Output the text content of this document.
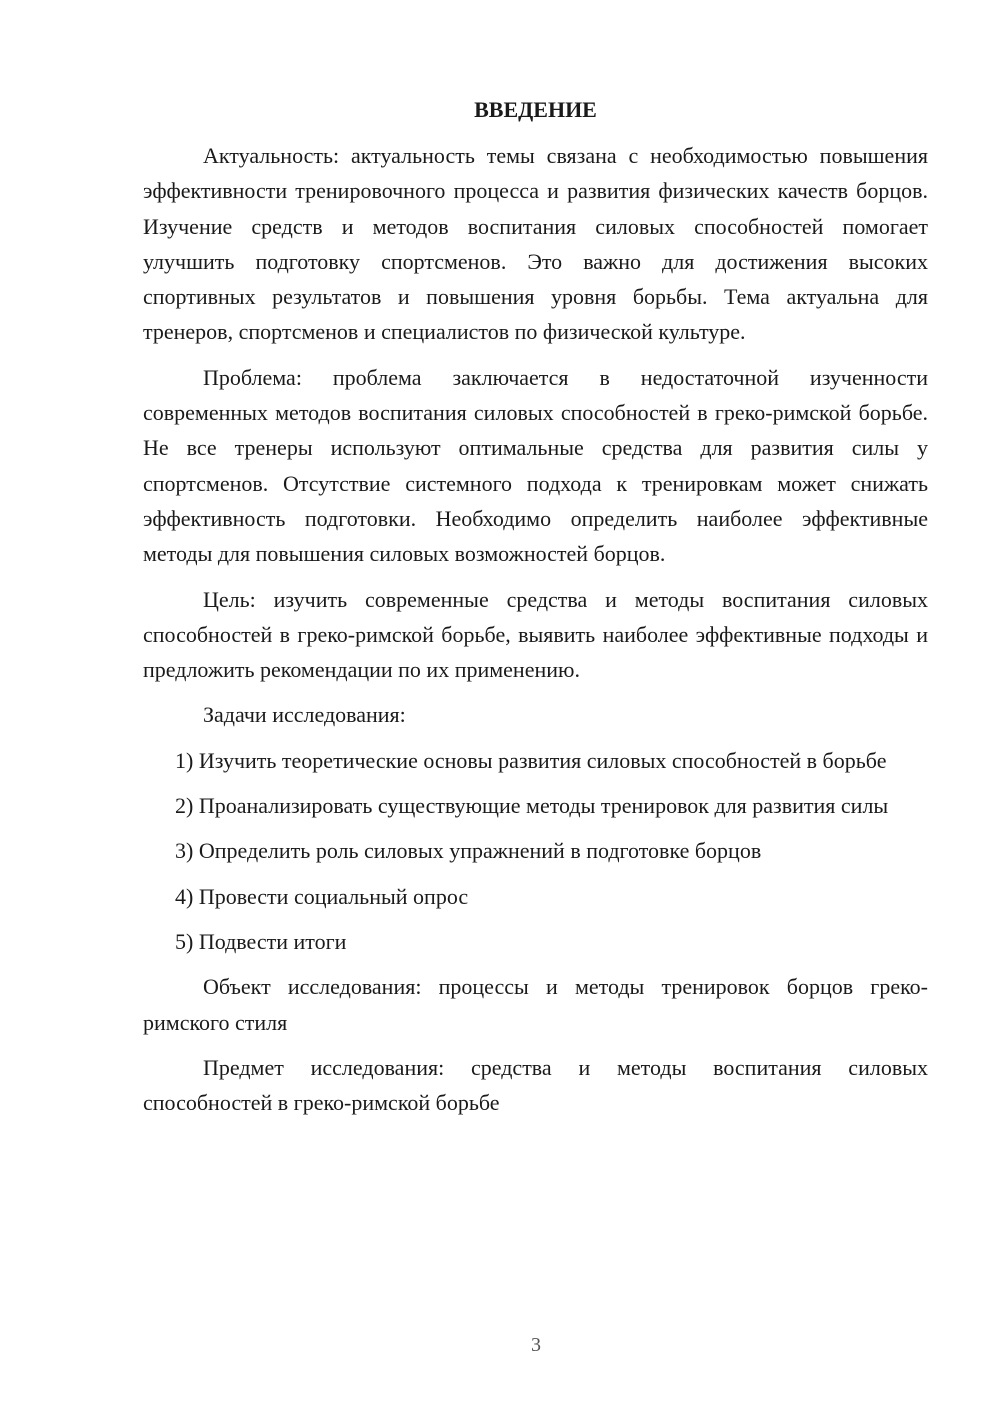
ВВЕДЕНИЕ

Актуальность: актуальность темы связана с необходимостью повышения эффективности тренировочного процесса и развития физических качеств борцов. Изучение средств и методов воспитания силовых способностей помогает улучшить подготовку спортсменов. Это важно для достижения высоких спортивных результатов и повышения уровня борьбы. Тема актуальна для тренеров, спортсменов и специалистов по физической культуре.

Проблема: проблема заключается в недостаточной изученности современных методов воспитания силовых способностей в греко-римской борьбе. Не все тренеры используют оптимальные средства для развития силы у спортсменов. Отсутствие системного подхода к тренировкам может снижать эффективность подготовки. Необходимо определить наиболее эффективные методы для повышения силовых возможностей борцов.

Цель: изучить современные средства и методы воспитания силовых способностей в греко-римской борьбе, выявить наиболее эффективные подходы и предложить рекомендации по их применению.

Задачи исследования:

1) Изучить теоретические основы развития силовых способностей в борьбе

2) Проанализировать существующие методы тренировок для развития силы

3) Определить роль силовых упражнений в подготовке борцов

4) Провести социальный опрос

5) Подвести итоги

Объект исследования: процессы и методы тренировок борцов греко-римского стиля

Предмет исследования: средства и методы воспитания силовых способностей в греко-римской борьбе

3
